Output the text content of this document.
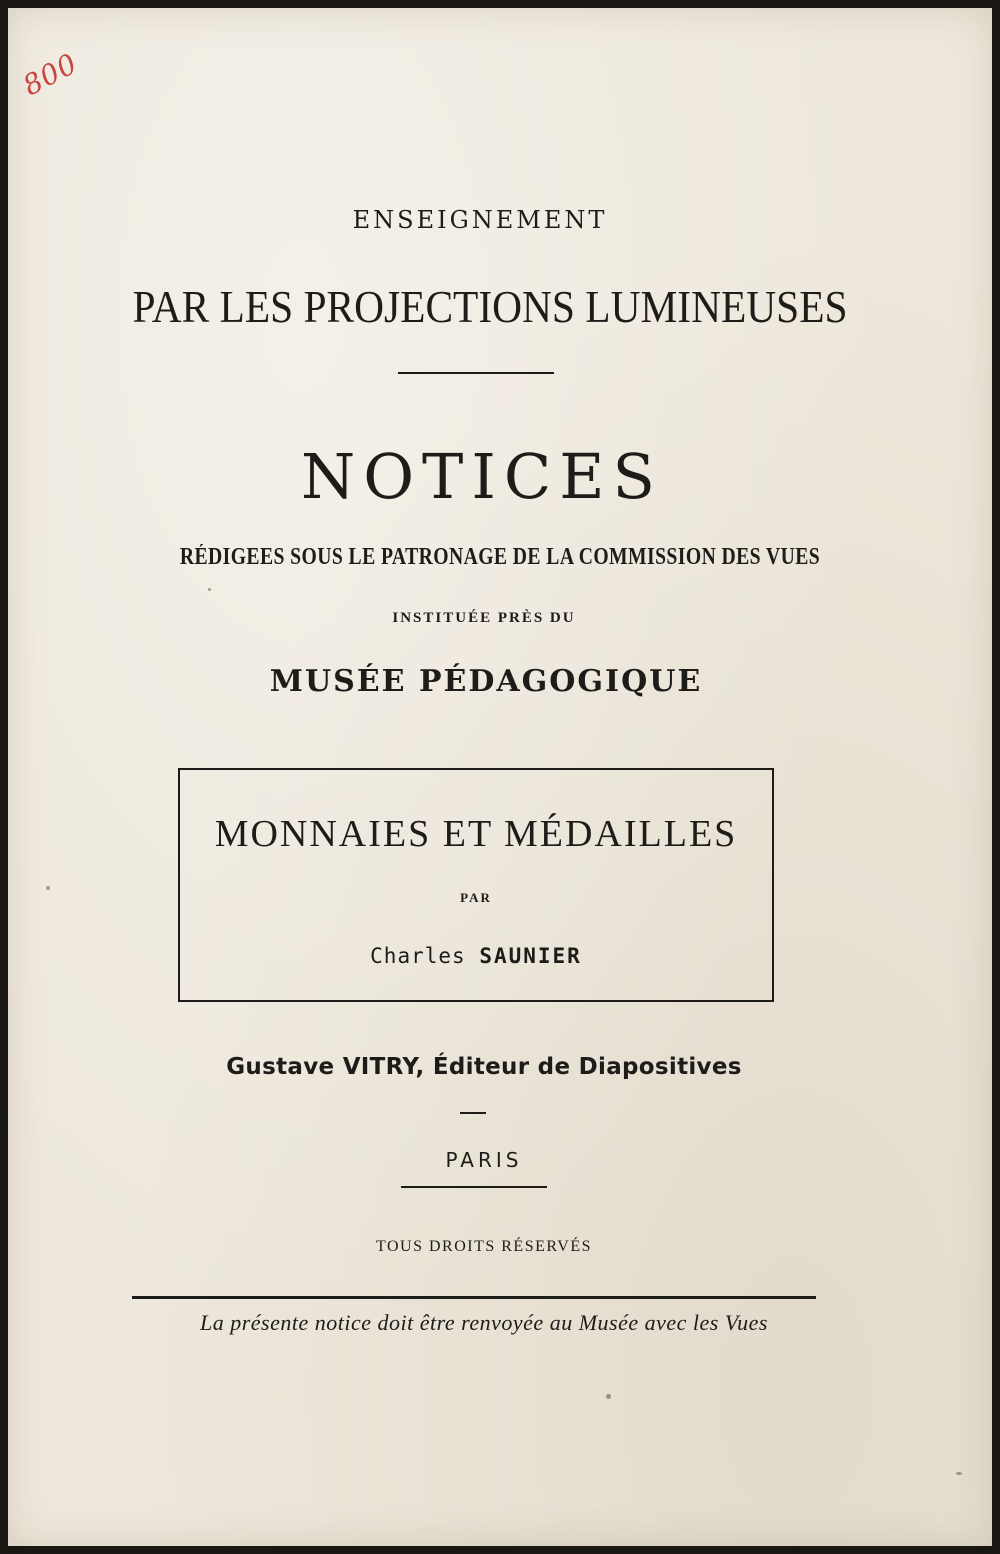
800
ENSEIGNEMENT
PAR LES PROJECTIONS LUMINEUSES
NOTICES
RÉDIGEES SOUS LE PATRONAGE DE LA COMMISSION DES VUES
INSTITUÉE PRÈS DU
MUSÉE PÉDAGOGIQUE
MONNAIES ET MÉDAILLES
PAR
Charles SAUNIER
Gustave VITRY, Éditeur de Diapositives
PARIS
TOUS DROITS RÉSERVÉS
La présente notice doit être renvoyée au Musée avec les Vues
